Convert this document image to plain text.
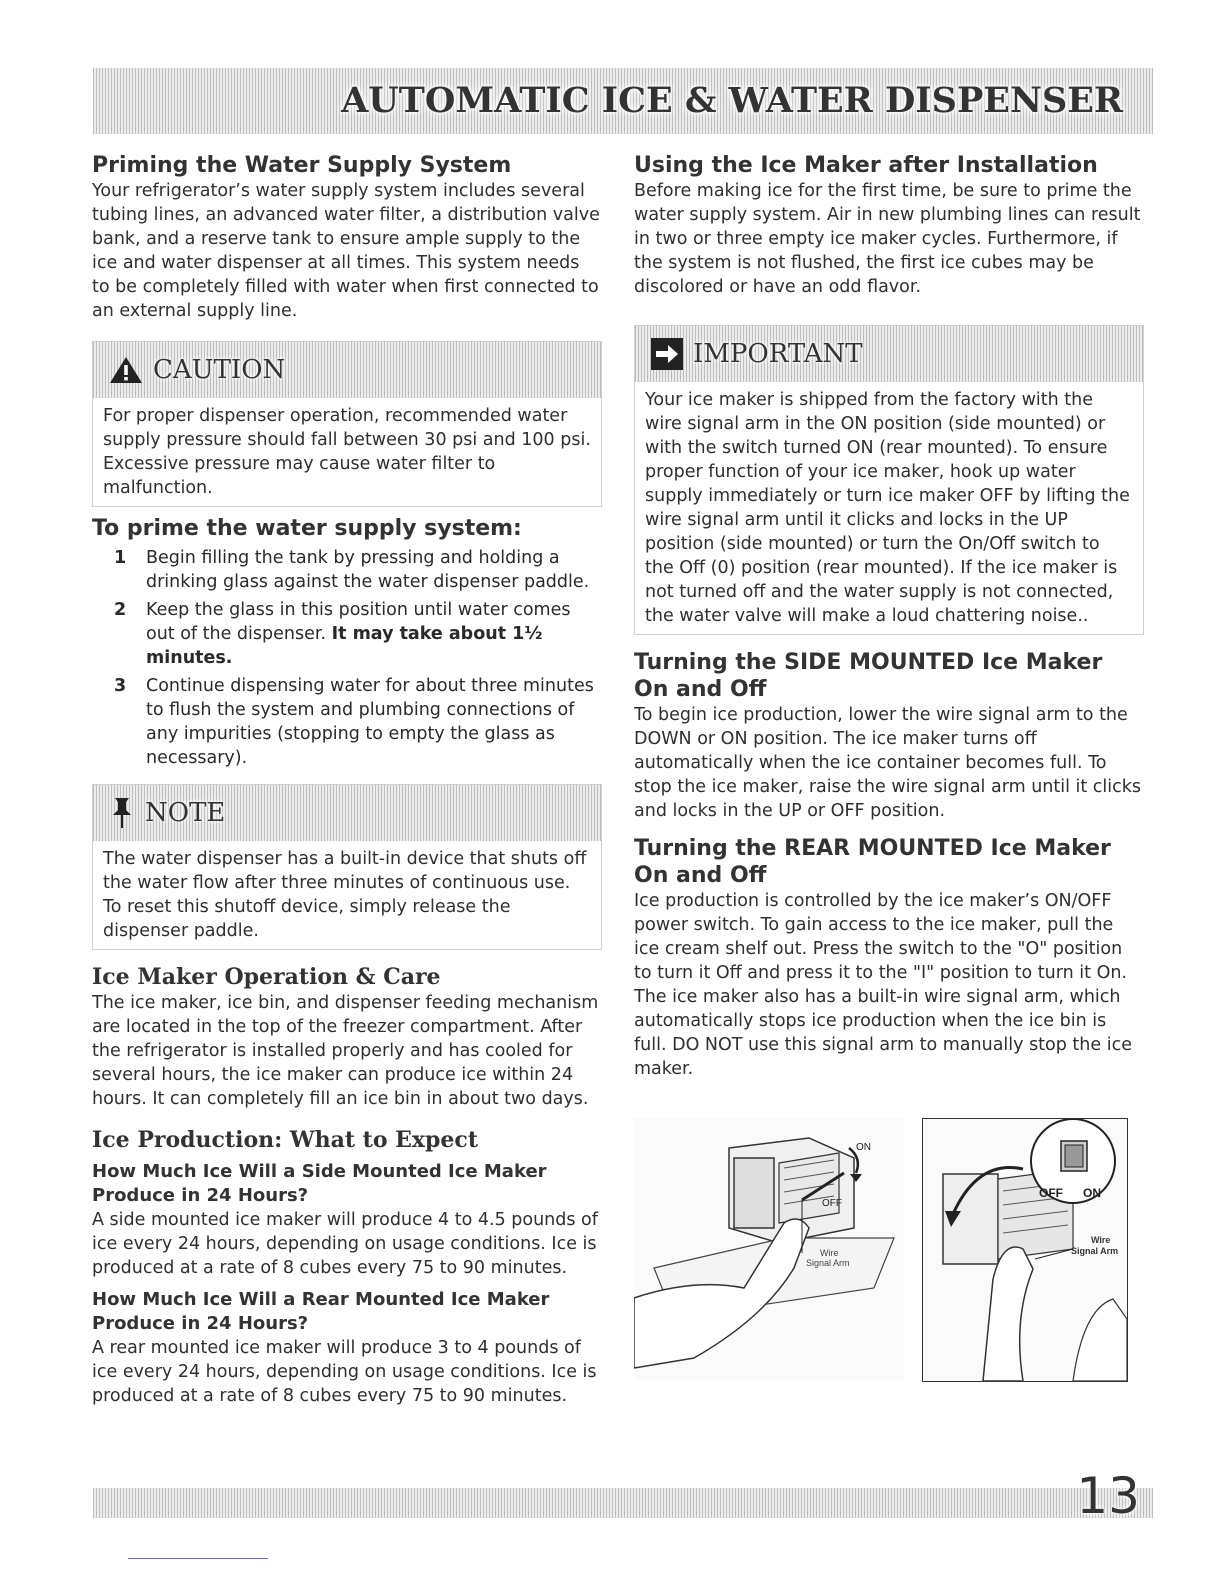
AUTOMATIC ICE & WATER DISPENSER
Priming the Water Supply System

Your refrigerator’s water supply system includes several tubing lines, an advanced water filter, a distribution valve bank, and a reserve tank to ensure ample supply to the ice and water dispenser at all times. This system needs to be completely filled with water when first connected to an external supply line.

CAUTION

For proper dispenser operation, recommended water supply pressure should fall between 30 psi and 100 psi. Excessive pressure may cause water filter to malfunction.

To prime the water supply system:
1 Begin filling the tank by pressing and holding a drinking glass against the water dispenser paddle.
2 Keep the glass in this position until water comes out of the dispenser. It may take about 1½ minutes.
3 Continue dispensing water for about three minutes to flush the system and plumbing connections of any impurities (stopping to empty the glass as necessary).
NOTE

The water dispenser has a built-in device that shuts off the water flow after three minutes of continuous use. To reset this shutoff device, simply release the dispenser paddle.

Ice Maker Operation & Care

The ice maker, ice bin, and dispenser feeding mechanism are located in the top of the freezer compartment. After the refrigerator is installed properly and has cooled for several hours, the ice maker can produce ice within 24 hours. It can completely fill an ice bin in about two days.

Ice Production: What to Expect
How Much Ice Will a Side Mounted Ice Maker Produce in 24 Hours?

A side mounted ice maker will produce 4 to 4.5 pounds of ice every 24 hours, depending on usage conditions. Ice is produced at a rate of 8 cubes every 75 to 90 minutes.

How Much Ice Will a Rear Mounted Ice Maker Produce in 24 Hours?

A rear mounted ice maker will produce 3 to 4 pounds of ice every 24 hours, depending on usage conditions. Ice is produced at a rate of 8 cubes every 75 to 90 minutes.

Using the Ice Maker after Installation

Before making ice for the first time, be sure to prime the water supply system. Air in new plumbing lines can result in two or three empty ice maker cycles. Furthermore, if the system is not flushed, the first ice cubes may be discolored or have an odd flavor.

IMPORTANT

Your ice maker is shipped from the factory with the wire signal arm in the ON position (side mounted) or with the switch turned ON (rear mounted). To ensure proper function of your ice maker, hook up water supply immediately or turn ice maker OFF by lifting the wire signal arm until it clicks and locks in the UP position (side mounted) or turn the On/Off switch to the Off (0) position (rear mounted). If the ice maker is not turned off and the water supply is not connected, the water valve will make a loud chattering noise..

Turning the SIDE MOUNTED Ice Maker On and Off

To begin ice production, lower the wire signal arm to the DOWN or ON position. The ice maker turns off automatically when the ice container becomes full. To stop the ice maker, raise the wire signal arm until it clicks and locks in the UP or OFF position.

Turning the REAR MOUNTED Ice Maker On and Off

Ice production is controlled by the ice maker’s ON/OFF power switch. To gain access to the ice maker, pull the ice cream shelf out. Press the switch to the "O" position to turn it Off and press it to the "I" position to turn it On. The ice maker also has a built-in wire signal arm, which automatically stops ice production when the ice bin is full. DO NOT use this signal arm to manually stop the ice maker.

ON
OFF
Wire
Signal Arm
OFF ON
Wire
Signal Arm

13
